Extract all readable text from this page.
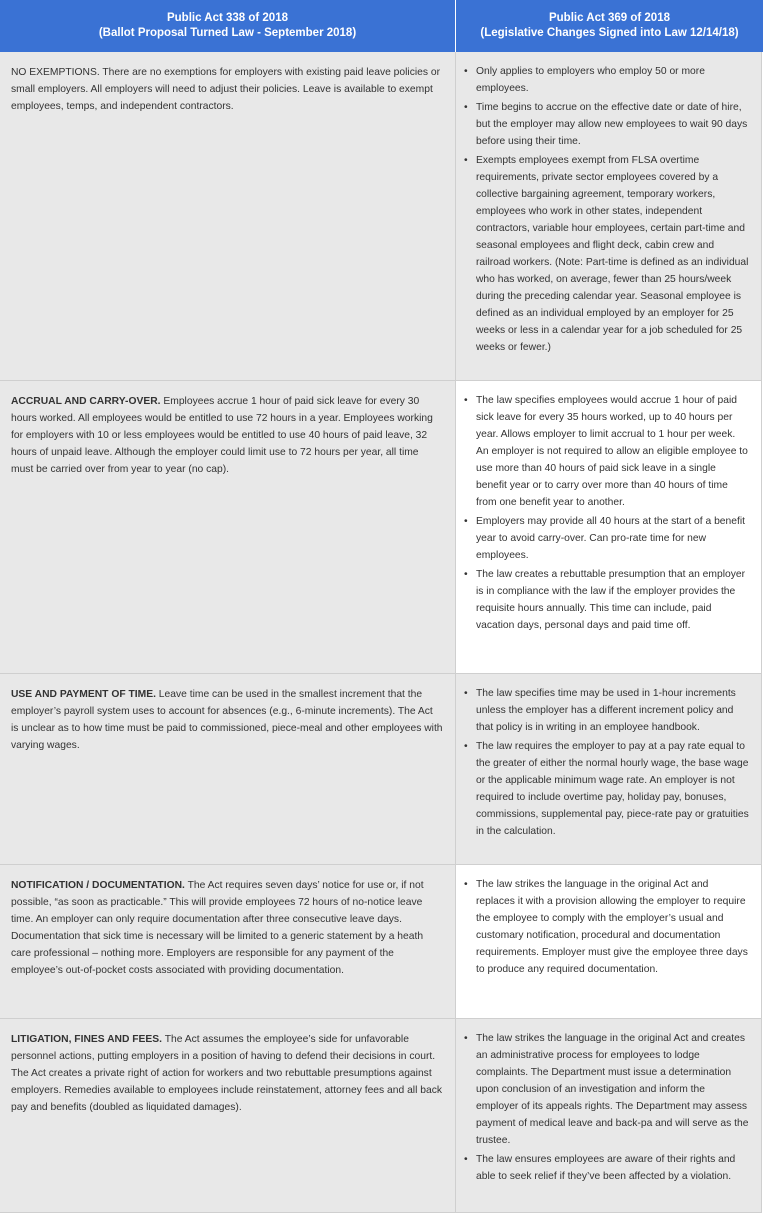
Public Act 338 of 2018
(Ballot Proposal Turned Law - September 2018)
Public Act 369 of 2018
(Legislative Changes Signed into Law 12/14/18)
NO EXEMPTIONS. There are no exemptions for employers with existing paid leave policies or small employers. All employers will need to adjust their policies. Leave is available to exempt employees, temps, and independent contractors.
• Only applies to employers who employ 50 or more employees.
• Time begins to accrue on the effective date or date of hire, but the employer may allow new employees to wait 90 days before using their time.
• Exempts employees exempt from FLSA overtime requirements, private sector employees covered by a collective bargaining agreement, temporary workers, employees who work in other states, independent contractors, variable hour employees, certain part-time and seasonal employees and flight deck, cabin crew and railroad workers. (Note: Part-time is defined as an individual who has worked, on average, fewer than 25 hours/week during the preceding calendar year. Seasonal employee is defined as an individual employed by an employer for 25 weeks or less in a calendar year for a job scheduled for 25 weeks or fewer.)
ACCRUAL AND CARRY-OVER. Employees accrue 1 hour of paid sick leave for every 30 hours worked. All employees would be entitled to use 72 hours in a year. Employees working for employers with 10 or less employees would be entitled to use 40 hours of paid leave, 32 hours of unpaid leave. Although the employer could limit use to 72 hours per year, all time must be carried over from year to year (no cap).
• The law specifies employees would accrue 1 hour of paid sick leave for every 35 hours worked, up to 40 hours per year. Allows employer to limit accrual to 1 hour per week. An employer is not required to allow an eligible employee to use more than 40 hours of paid sick leave in a single benefit year or to carry over more than 40 hours of time from one benefit year to another.
• Employers may provide all 40 hours at the start of a benefit year to avoid carry-over. Can pro-rate time for new employees.
• The law creates a rebuttable presumption that an employer is in compliance with the law if the employer provides the requisite hours annually. This time can include, paid vacation days, personal days and paid time off.
USE AND PAYMENT OF TIME. Leave time can be used in the smallest increment that the employer’s payroll system uses to account for absences (e.g., 6-minute increments). The Act is unclear as to how time must be paid to commissioned, piece-meal and other employees with varying wages.
• The law specifies time may be used in 1-hour increments unless the employer has a different increment policy and that policy is in writing in an employee handbook.
• The law requires the employer to pay at a pay rate equal to the greater of either the normal hourly wage, the base wage or the applicable minimum wage rate. An employer is not required to include overtime pay, holiday pay, bonuses, commissions, supplemental pay, piece-rate pay or gratuities in the calculation.
NOTIFICATION / DOCUMENTATION. The Act requires seven days’ notice for use or, if not possible, “as soon as practicable.” This will provide employees 72 hours of no-notice leave time. An employer can only require documentation after three consecutive leave days. Documentation that sick time is necessary will be limited to a generic statement by a heath care professional – nothing more. Employers are responsible for any payment of the employee’s out-of-pocket costs associated with providing documentation.
• The law strikes the language in the original Act and replaces it with a provision allowing the employer to require the employee to comply with the employer’s usual and customary notification, procedural and documentation requirements. Employer must give the employee three days to produce any required documentation.
LITIGATION, FINES AND FEES. The Act assumes the employee’s side for unfavorable personnel actions, putting employers in a position of having to defend their decisions in court. The Act creates a private right of action for workers and two rebuttable presumptions against employers. Remedies available to employees include reinstatement, attorney fees and all back pay and benefits (doubled as liquidated damages).
• The law strikes the language in the original Act and creates an administrative process for employees to lodge complaints. The Department must issue a determination upon conclusion of an investigation and inform the employer of its appeals rights. The Department may assess payment of medical leave and back-pa and will serve as the trustee.
• The law ensures employees are aware of their rights and able to seek relief if they’ve been affected by a violation.
